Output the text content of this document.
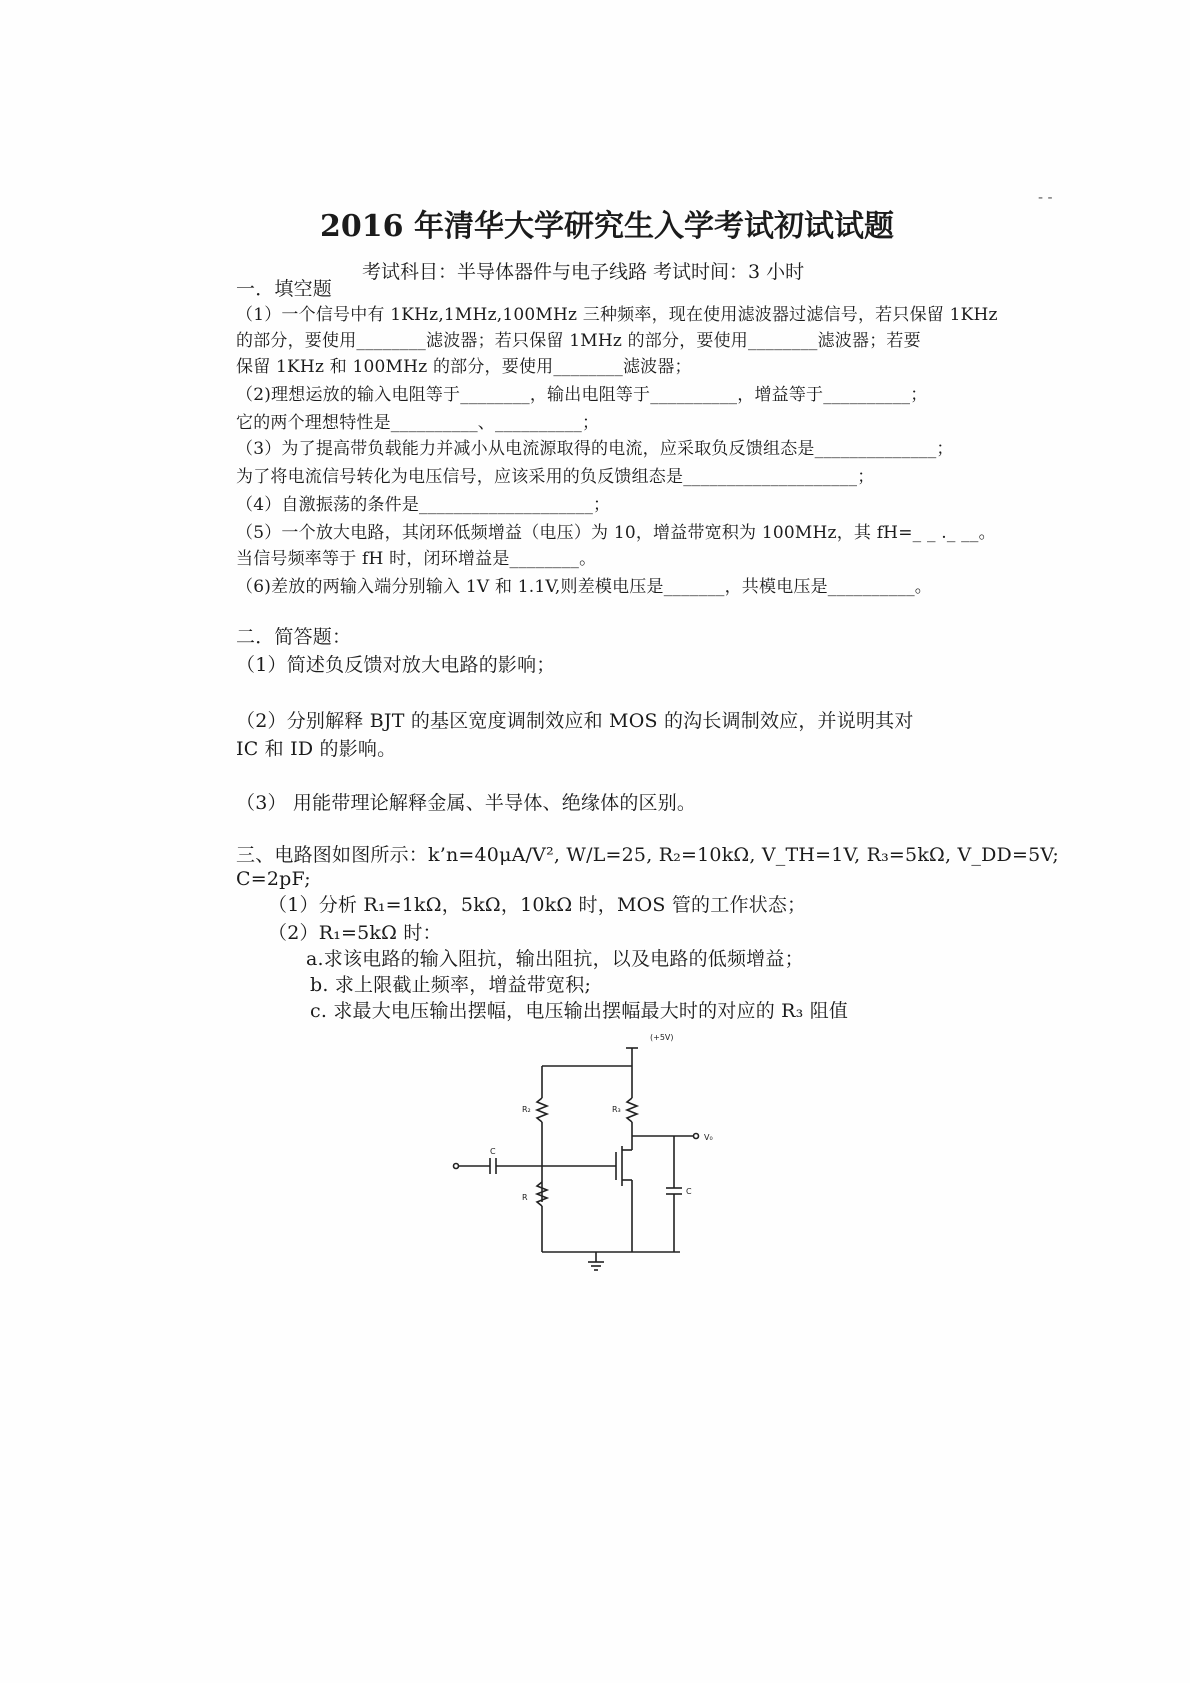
- -
2016 年清华大学研究生入学考试初试试题
考试科目：半导体器件与电子线路 考试时间：3 小时
一．填空题
（1）一个信号中有 1KHz,1MHz,100MHz 三种频率，现在使用滤波器过滤信号，若只保留 1KHz
的部分，要使用________滤波器；若只保留 1MHz 的部分，要使用________滤波器；若要
保留 1KHz 和 100MHz 的部分，要使用________滤波器；
（2)理想运放的输入电阻等于________，输出电阻等于__________，增益等于__________；
它的两个理想特性是__________、__________；
（3）为了提高带负载能力并减小从电流源取得的电流，应采取负反馈组态是______________；
为了将电流信号转化为电压信号，应该采用的负反馈组态是____________________；
（4）自激振荡的条件是____________________；
（5）一个放大电路，其闭环低频增益（电压）为 10，增益带宽积为 100MHz，其 fH=_ _ ._ __。
当信号频率等于 fH 时，闭环增益是________。
（6)差放的两输入端分别输入 1V 和 1.1V,则差模电压是_______，共模电压是__________。
二．简答题：
（1）简述负反馈对放大电路的影响；
（2）分别解释 BJT 的基区宽度调制效应和 MOS 的沟长调制效应，并说明其对
IC 和 ID 的影响。
（3） 用能带理论解释金属、半导体、绝缘体的区别。
三、电路图如图所示：k’n=40μA/V², W/L=25, R₂=10kΩ, V_TH=1V, R₃=5kΩ, V_DD=5V;
C=2pF;
（1）分析 R₁=1kΩ，5kΩ，10kΩ 时，MOS 管的工作状态；
（2）R₁=5kΩ 时：
a.求该电路的输入阻抗，输出阻抗，以及电路的低频增益；
b. 求上限截止频率，增益带宽积;
c. 求最大电压输出摆幅，电压输出摆幅最大时的对应的 R₃ 阻值
(+5V)
R₂	R₃
R
C
C
V₀
